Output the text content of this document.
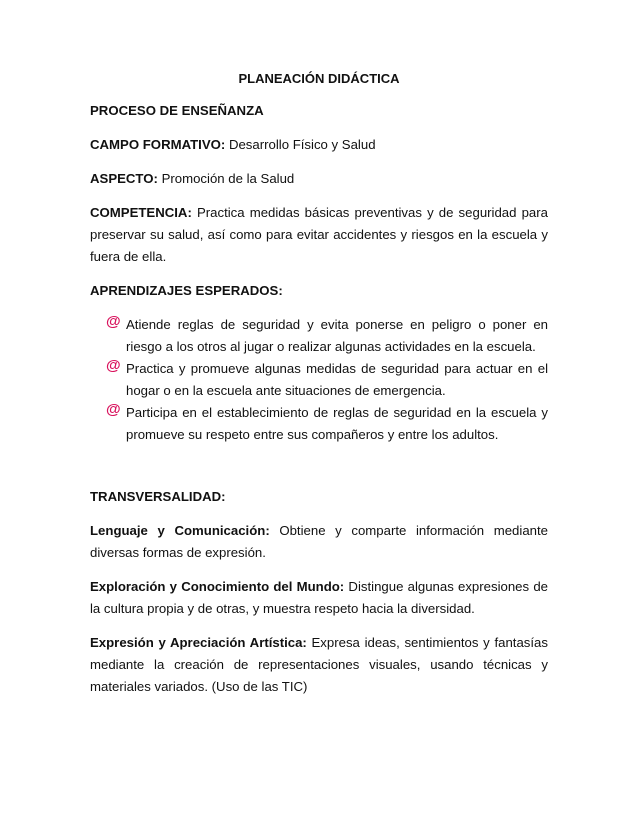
PLANEACIÓN DIDÁCTICA
PROCESO DE ENSEÑANZA
CAMPO FORMATIVO: Desarrollo Físico y Salud
ASPECTO: Promoción de la Salud
COMPETENCIA: Practica medidas básicas preventivas y de seguridad para preservar su salud, así como para evitar accidentes y riesgos en la escuela y fuera de ella.
APRENDIZAJES ESPERADOS:
@ Atiende reglas de seguridad y evita ponerse en peligro o poner en riesgo a los otros al jugar o realizar algunas actividades en la escuela.
@ Practica y promueve algunas medidas de seguridad para actuar en el hogar o en la escuela ante situaciones de emergencia.
@ Participa en el establecimiento de reglas de seguridad en la escuela y promueve su respeto entre sus compañeros y entre los adultos.
TRANSVERSALIDAD:
Lenguaje y Comunicación: Obtiene y comparte información mediante diversas formas de expresión.
Exploración y Conocimiento del Mundo: Distingue algunas expresiones de la cultura propia y de otras, y muestra respeto hacia la diversidad.
Expresión y Apreciación Artística: Expresa ideas, sentimientos y fantasías mediante la creación de representaciones visuales, usando técnicas y materiales variados. (Uso de las TIC)
